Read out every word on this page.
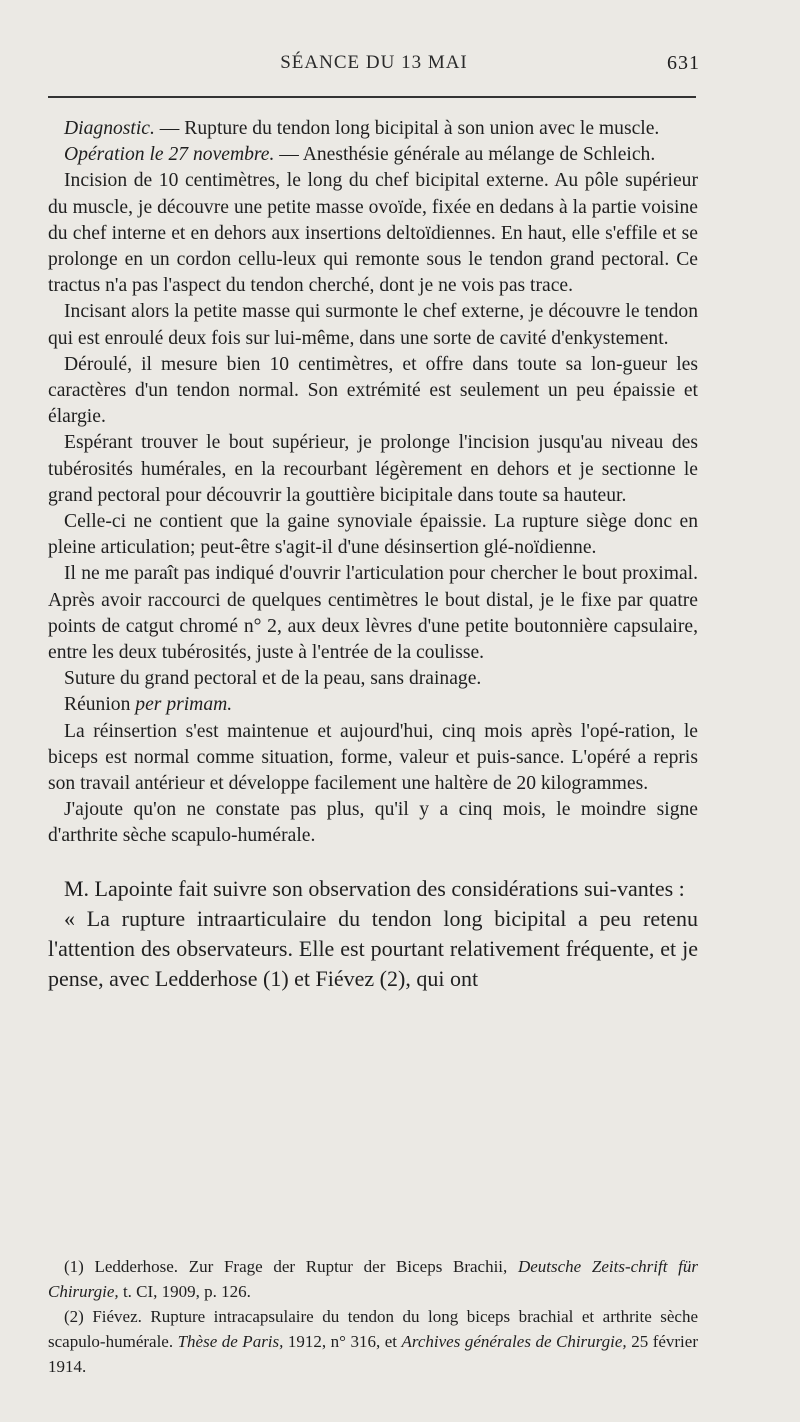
SÉANCE DU 13 MAI	631

Diagnostic. — Rupture du tendon long bicipital à son union avec le muscle.

Opération le 27 novembre. — Anesthésie générale au mélange de Schleich.

Incision de 10 centimètres, le long du chef bicipital externe. Au pôle supérieur du muscle, je découvre une petite masse ovoïde, fixée en dedans à la partie voisine du chef interne et en dehors aux insertions deltoïdiennes. En haut, elle s'effile et se prolonge en un cordon cellu-leux qui remonte sous le tendon grand pectoral. Ce tractus n'a pas l'aspect du tendon cherché, dont je ne vois pas trace.

Incisant alors la petite masse qui surmonte le chef externe, je découvre le tendon qui est enroulé deux fois sur lui-même, dans une sorte de cavité d'enkystement.

Déroulé, il mesure bien 10 centimètres, et offre dans toute sa lon-gueur les caractères d'un tendon normal. Son extrémité est seulement un peu épaissie et élargie.

Espérant trouver le bout supérieur, je prolonge l'incision jusqu'au niveau des tubérosités humérales, en la recourbant légèrement en dehors et je sectionne le grand pectoral pour découvrir la gouttière bicipitale dans toute sa hauteur.

Celle-ci ne contient que la gaine synoviale épaissie. La rupture siège donc en pleine articulation; peut-être s'agit-il d'une désinsertion glé-noïdienne.

Il ne me paraît pas indiqué d'ouvrir l'articulation pour chercher le bout proximal. Après avoir raccourci de quelques centimètres le bout distal, je le fixe par quatre points de catgut chromé n° 2, aux deux lèvres d'une petite boutonnière capsulaire, entre les deux tubérosités, juste à l'entrée de la coulisse.

Suture du grand pectoral et de la peau, sans drainage.

Réunion per primam.

La réinsertion s'est maintenue et aujourd'hui, cinq mois après l'opé-ration, le biceps est normal comme situation, forme, valeur et puis-sance. L'opéré a repris son travail antérieur et développe facilement une haltère de 20 kilogrammes.

J'ajoute qu'on ne constate pas plus, qu'il y a cinq mois, le moindre signe d'arthrite sèche scapulo-humérale.

M. Lapointe fait suivre son observation des considérations sui-vantes :

« La rupture intraarticulaire du tendon long bicipital a peu retenu l'attention des observateurs. Elle est pourtant relativement fréquente, et je pense, avec Ledderhose (1) et Fiévez (2), qui ont

(1) Ledderhose. Zur Frage der Ruptur der Biceps Brachii, Deutsche Zeits-chrift für Chirurgie, t. CI, 1909, p. 126.

(2) Fiévez. Rupture intracapsulaire du tendon du long biceps brachial et arthrite sèche scapulo-humérale. Thèse de Paris, 1912, n° 316, et Archives générales de Chirurgie, 25 février 1914.
